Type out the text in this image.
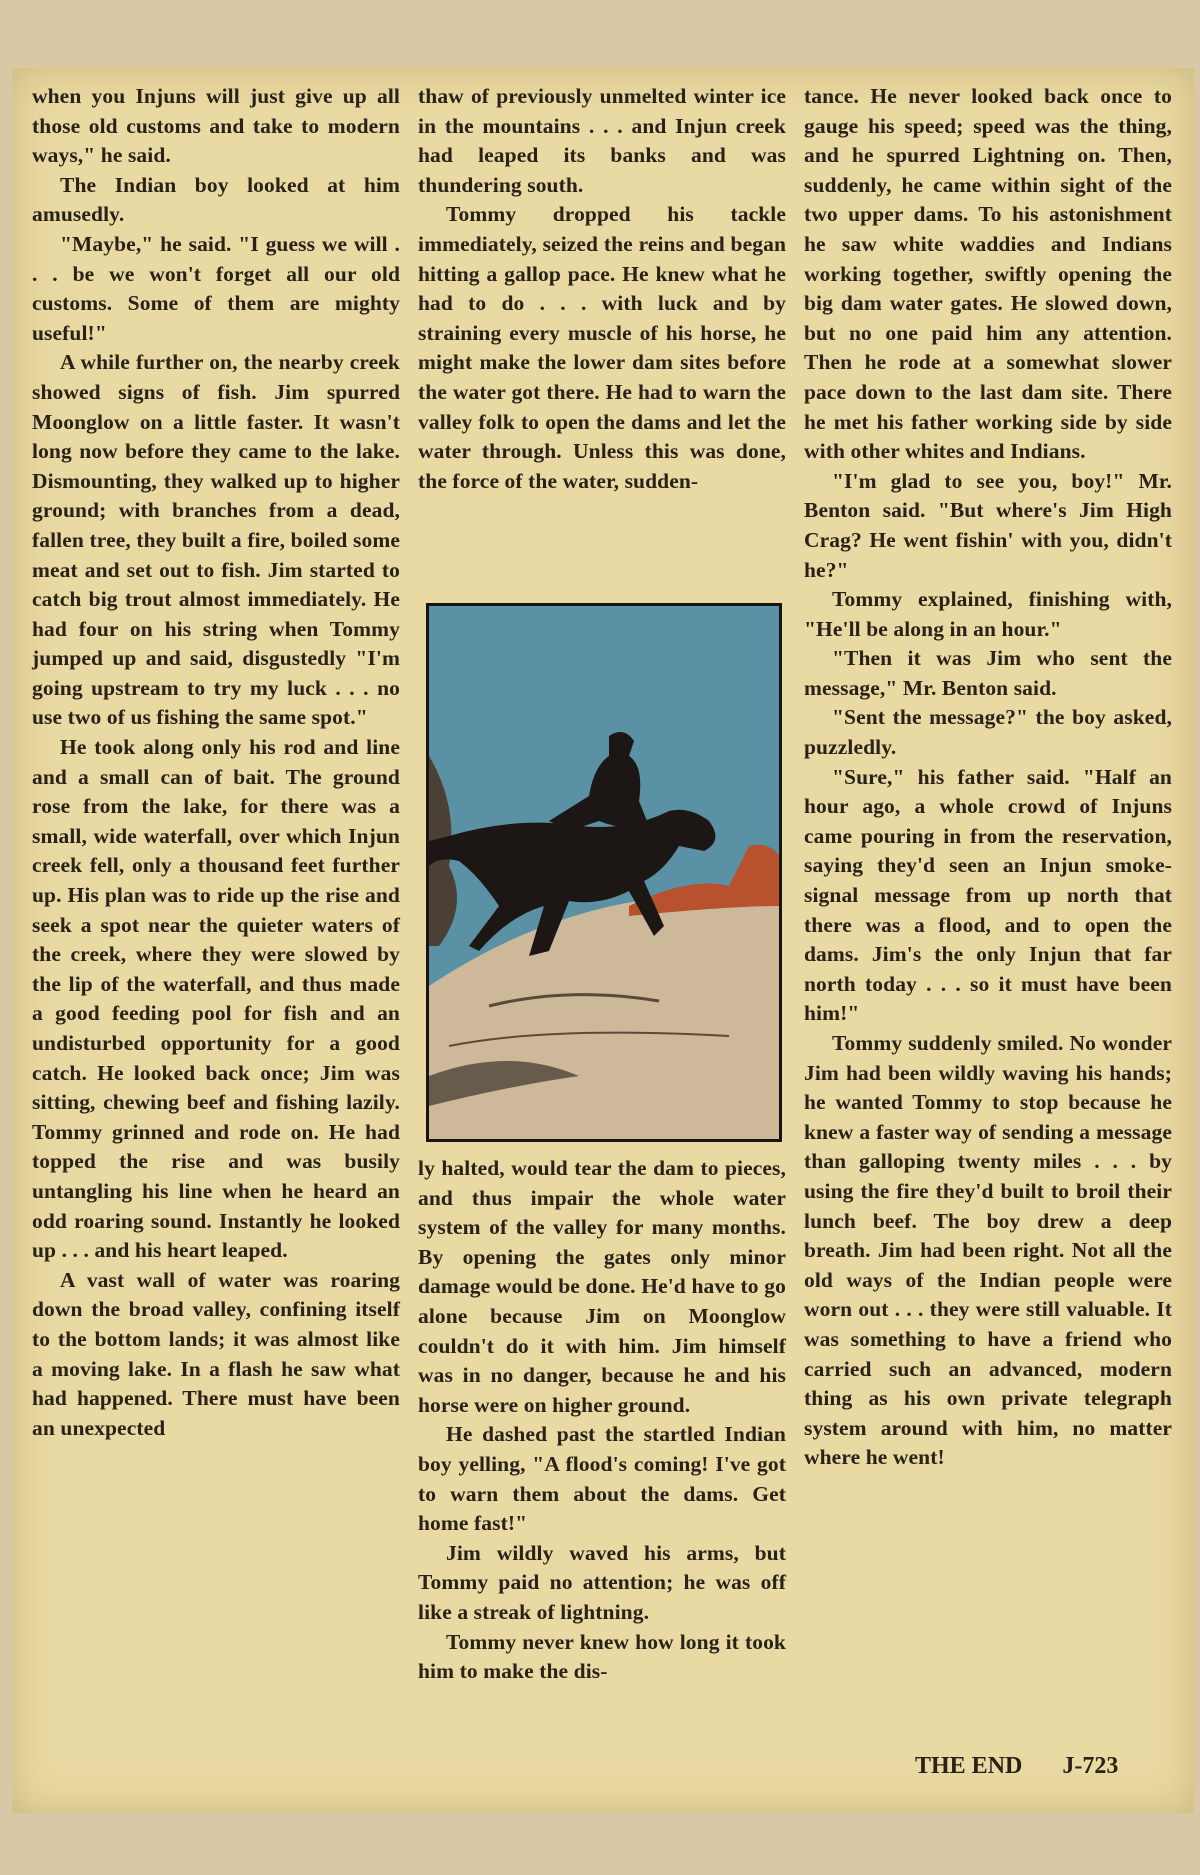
when you Injuns will just give up all those old customs and take to modern ways," he said.

The Indian boy looked at him amusedly.

"Maybe," he said. "I guess we will . . . be we won't forget all our old customs. Some of them are mighty useful!"

A while further on, the nearby creek showed signs of fish. Jim spurred Moonglow on a little faster. It wasn't long now before they came to the lake. Dismounting, they walked up to higher ground; with branches from a dead, fallen tree, they built a fire, boiled some meat and set out to fish. Jim started to catch big trout almost immediately. He had four on his string when Tommy jumped up and said, disgustedly "I'm going upstream to try my luck . . . no use two of us fishing the same spot."

He took along only his rod and line and a small can of bait. The ground rose from the lake, for there was a small, wide waterfall, over which Injun creek fell, only a thousand feet further up. His plan was to ride up the rise and seek a spot near the quieter waters of the creek, where they were slowed by the lip of the waterfall, and thus made a good feeding pool for fish and an undisturbed opportunity for a good catch. He looked back once; Jim was sitting, chewing beef and fishing lazily. Tommy grinned and rode on. He had topped the rise and was busily untangling his line when he heard an odd roaring sound. Instantly he looked up . . . and his heart leaped.

A vast wall of water was roaring down the broad valley, confining itself to the bottom lands; it was almost like a moving lake. In a flash he saw what had happened. There must have been an unexpected

thaw of previously unmelted winter ice in the mountains . . . and Injun creek had leaped its banks and was thundering south.

Tommy dropped his tackle immediately, seized the reins and began hitting a gallop pace. He knew what he had to do . . . with luck and by straining every muscle of his horse, he might make the lower dam sites before the water got there. He had to warn the valley folk to open the dams and let the water through. Unless this was done, the force of the water, sudden-

ly halted, would tear the dam to pieces, and thus impair the whole water system of the valley for many months. By opening the gates only minor damage would be done. He'd have to go alone because Jim on Moonglow couldn't do it with him. Jim himself was in no danger, because he and his horse were on higher ground.

He dashed past the startled Indian boy yelling, "A flood's coming! I've got to warn them about the dams. Get home fast!"

Jim wildly waved his arms, but Tommy paid no attention; he was off like a streak of lightning.

Tommy never knew how long it took him to make the dis-

tance. He never looked back once to gauge his speed; speed was the thing, and he spurred Lightning on. Then, suddenly, he came within sight of the two upper dams. To his astonishment he saw white waddies and Indians working together, swiftly opening the big dam water gates. He slowed down, but no one paid him any attention. Then he rode at a somewhat slower pace down to the last dam site. There he met his father working side by side with other whites and Indians.

"I'm glad to see you, boy!" Mr. Benton said. "But where's Jim High Crag? He went fishin' with you, didn't he?"

Tommy explained, finishing with, "He'll be along in an hour."

"Then it was Jim who sent the message," Mr. Benton said.

"Sent the message?" the boy asked, puzzledly.

"Sure," his father said. "Half an hour ago, a whole crowd of Injuns came pouring in from the reservation, saying they'd seen an Injun smoke-signal message from up north that there was a flood, and to open the dams. Jim's the only Injun that far north today . . . so it must have been him!"

Tommy suddenly smiled. No wonder Jim had been wildly waving his hands; he wanted Tommy to stop because he knew a faster way of sending a message than galloping twenty miles . . . by using the fire they'd built to broil their lunch beef. The boy drew a deep breath. Jim had been right. Not all the old ways of the Indian people were worn out . . . they were still valuable. It was something to have a friend who carried such an advanced, modern thing as his own private telegraph system around with him, no matter where he went!

THE END J-723
